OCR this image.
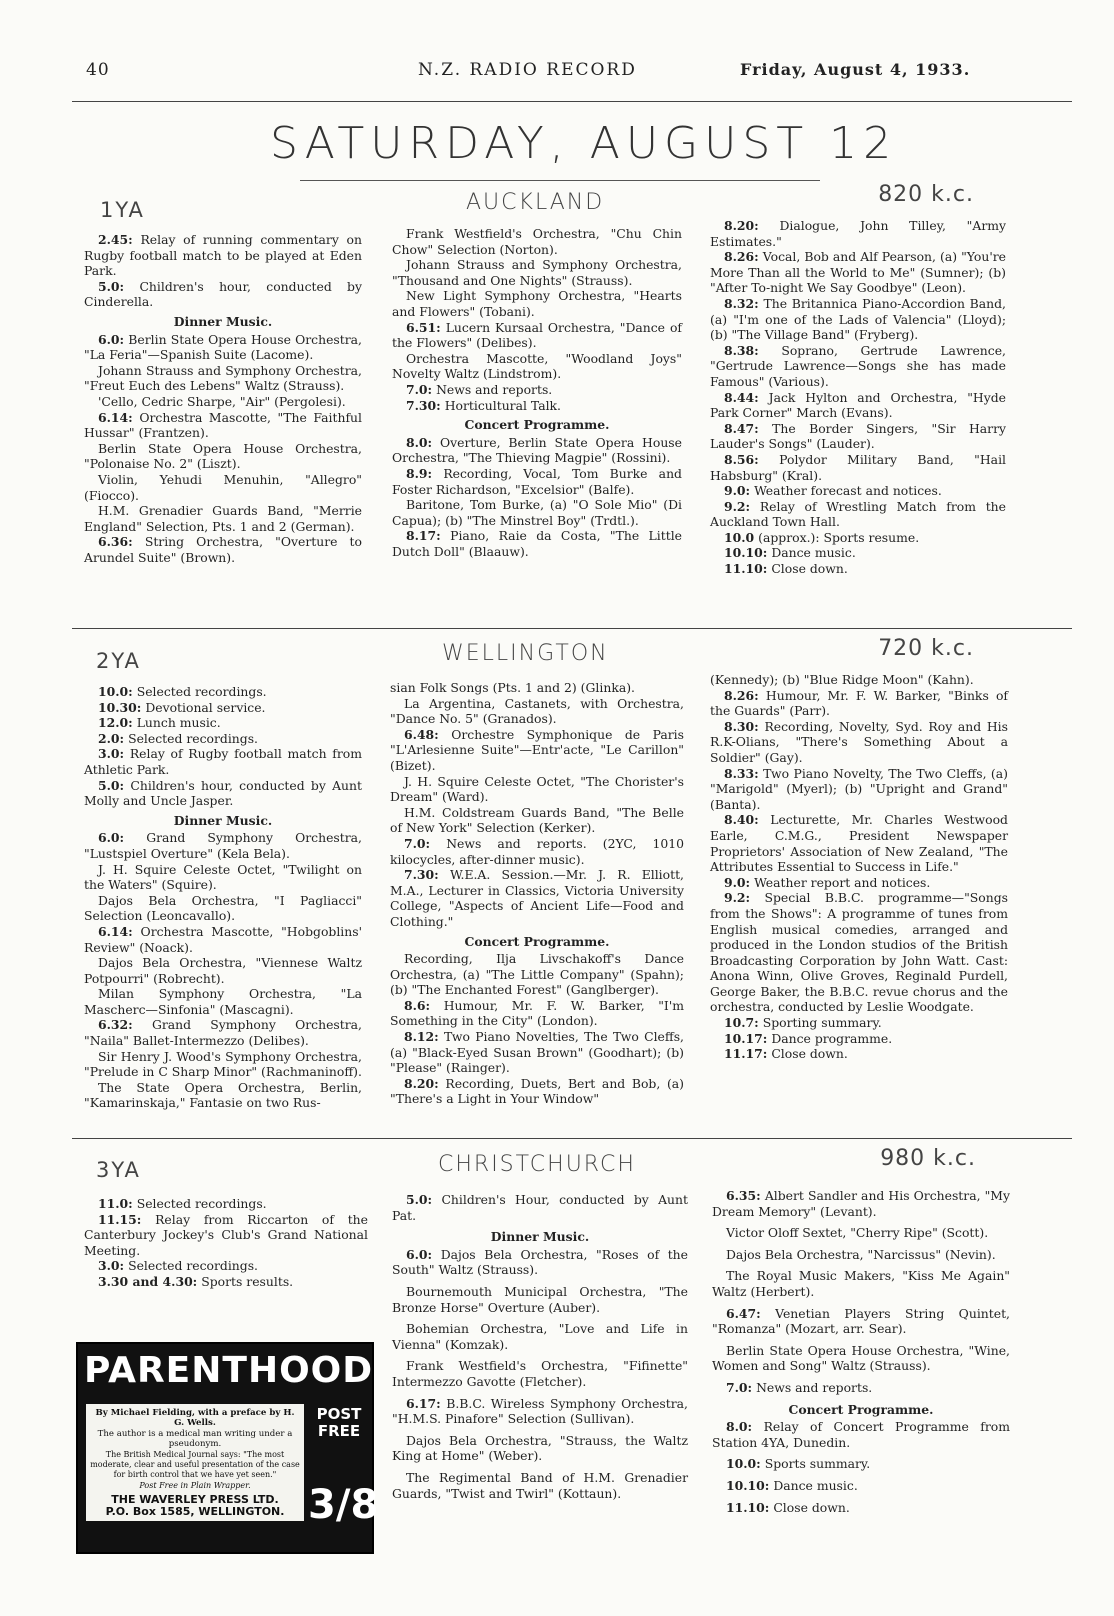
40	N.Z. RADIO RECORD	Friday, August 4, 1933.
SATURDAY, AUGUST 12
1YA	AUCKLAND	820 k.c.

2.45: Relay of running commentary on Rugby football match to be played at Eden Park.

5.0: Children's hour, conducted by Cinderella.

Dinner Music.

6.0: Berlin State Opera House Orchestra, "La Feria"—Spanish Suite (Lacome).

Johann Strauss and Symphony Orchestra, "Freut Euch des Lebens" Waltz (Strauss).

'Cello, Cedric Sharpe, "Air" (Pergolesi).

6.14: Orchestra Mascotte, "The Faithful Hussar" (Frantzen).

Berlin State Opera House Orchestra, "Polonaise No. 2" (Liszt).

Violin, Yehudi Menuhin, "Allegro" (Fiocco).

H.M. Grenadier Guards Band, "Merrie England" Selection, Pts. 1 and 2 (German).

6.36: String Orchestra, "Overture to Arundel Suite" (Brown).

Frank Westfield's Orchestra, "Chu Chin Chow" Selection (Norton).

Johann Strauss and Symphony Orchestra, "Thousand and One Nights" (Strauss).

New Light Symphony Orchestra, "Hearts and Flowers" (Tobani).

6.51: Lucern Kursaal Orchestra, "Dance of the Flowers" (Delibes).

Orchestra Mascotte, "Woodland Joys" Novelty Waltz (Lindstrom).

7.0: News and reports.

7.30: Horticultural Talk.

Concert Programme.

8.0: Overture, Berlin State Opera House Orchestra, "The Thieving Magpie" (Rossini).

8.9: Recording, Vocal, Tom Burke and Foster Richardson, "Excelsior" (Balfe).

Baritone, Tom Burke, (a) "O Sole Mio" (Di Capua); (b) "The Minstrel Boy" (Trdtl.).

8.17: Piano, Raie da Costa, "The Little Dutch Doll" (Blaauw).

8.20: Dialogue, John Tilley, "Army Estimates."

8.26: Vocal, Bob and Alf Pearson, (a) "You're More Than all the World to Me" (Sumner); (b) "After To-night We Say Goodbye" (Leon).

8.32: The Britannica Piano-Accordion Band, (a) "I'm one of the Lads of Valencia" (Lloyd); (b) "The Village Band" (Fryberg).

8.38: Soprano, Gertrude Lawrence, "Gertrude Lawrence—Songs she has made Famous" (Various).

8.44: Jack Hylton and Orchestra, "Hyde Park Corner" March (Evans).

8.47: The Border Singers, "Sir Harry Lauder's Songs" (Lauder).

8.56: Polydor Military Band, "Hail Habsburg" (Kral).

9.0: Weather forecast and notices.

9.2: Relay of Wrestling Match from the Auckland Town Hall.

10.0 (approx.): Sports resume.

10.10: Dance music.

11.10: Close down.

2YA	WELLINGTON	720 k.c.

10.0: Selected recordings.

10.30: Devotional service.

12.0: Lunch music.

2.0: Selected recordings.

3.0: Relay of Rugby football match from Athletic Park.

5.0: Children's hour, conducted by Aunt Molly and Uncle Jasper.

Dinner Music.

6.0: Grand Symphony Orchestra, "Lustspiel Overture" (Kela Bela).

J. H. Squire Celeste Octet, "Twilight on the Waters" (Squire).

Dajos Bela Orchestra, "I Pagliacci" Selection (Leoncavallo).

6.14: Orchestra Mascotte, "Hobgoblins' Review" (Noack).

Dajos Bela Orchestra, "Viennese Waltz Potpourri" (Robrecht).

Milan Symphony Orchestra, "La Mascherc—Sinfonia" (Mascagni).

6.32: Grand Symphony Orchestra, "Naila" Ballet-Intermezzo (Delibes).

Sir Henry J. Wood's Symphony Orchestra, "Prelude in C Sharp Minor" (Rachmaninoff).

The State Opera Orchestra, Berlin, "Kamarinskaja," Fantasie on two Rus-

sian Folk Songs (Pts. 1 and 2) (Glinka).

La Argentina, Castanets, with Orchestra, "Dance No. 5" (Granados).

6.48: Orchestre Symphonique de Paris "L'Arlesienne Suite"—Entr'acte, "Le Carillon" (Bizet).

J. H. Squire Celeste Octet, "The Chorister's Dream" (Ward).

H.M. Coldstream Guards Band, "The Belle of New York" Selection (Kerker).

7.0: News and reports. (2YC, 1010 kilocycles, after-dinner music).

7.30: W.E.A. Session.—Mr. J. R. Elliott, M.A., Lecturer in Classics, Victoria University College, "Aspects of Ancient Life—Food and Clothing."

Concert Programme.

Recording, Ilja Livschakoff's Dance Orchestra, (a) "The Little Company" (Spahn); (b) "The Enchanted Forest" (Ganglberger).

8.6: Humour, Mr. F. W. Barker, "I'm Something in the City" (London).

8.12: Two Piano Novelties, The Two Cleffs, (a) "Black-Eyed Susan Brown" (Goodhart); (b) "Please" (Rainger).

8.20: Recording, Duets, Bert and Bob, (a) "There's a Light in Your Window"

(Kennedy); (b) "Blue Ridge Moon" (Kahn).

8.26: Humour, Mr. F. W. Barker, "Binks of the Guards" (Parr).

8.30: Recording, Novelty, Syd. Roy and His R.K-Olians, "There's Something About a Soldier" (Gay).

8.33: Two Piano Novelty, The Two Cleffs, (a) "Marigold" (Myerl); (b) "Upright and Grand" (Banta).

8.40: Lecturette, Mr. Charles Westwood Earle, C.M.G., President Newspaper Proprietors' Association of New Zealand, "The Attributes Essential to Success in Life."

9.0: Weather report and notices.

9.2: Special B.B.C. programme—"Songs from the Shows": A programme of tunes from English musical comedies, arranged and produced in the London studios of the British Broadcasting Corporation by John Watt. Cast: Anona Winn, Olive Groves, Reginald Purdell, George Baker, the B.B.C. revue chorus and the orchestra, conducted by Leslie Woodgate.

10.7: Sporting summary.

10.17: Dance programme.

11.17: Close down.

3YA	CHRISTCHURCH	980 k.c.

11.0: Selected recordings.

11.15: Relay from Riccarton of the Canterbury Jockey's Club's Grand National Meeting.

3.0: Selected recordings.

3.30 and 4.30: Sports results.

5.0: Children's Hour, conducted by Aunt Pat.

Dinner Music.

6.0: Dajos Bela Orchestra, "Roses of the South" Waltz (Strauss).

Bournemouth Municipal Orchestra, "The Bronze Horse" Overture (Auber).

Bohemian Orchestra, "Love and Life in Vienna" (Komzak).

Frank Westfield's Orchestra, "Fifinette" Intermezzo Gavotte (Fletcher).

6.17: B.B.C. Wireless Symphony Orchestra, "H.M.S. Pinafore" Selection (Sullivan).

Dajos Bela Orchestra, "Strauss, the Waltz King at Home" (Weber).

The Regimental Band of H.M. Grenadier Guards, "Twist and Twirl" (Kottaun).

6.35: Albert Sandler and His Orchestra, "My Dream Memory" (Levant).

Victor Oloff Sextet, "Cherry Ripe" (Scott).

Dajos Bela Orchestra, "Narcissus" (Nevin).

The Royal Music Makers, "Kiss Me Again" Waltz (Herbert).

6.47: Venetian Players String Quintet, "Romanza" (Mozart, arr. Sear).

Berlin State Opera House Orchestra, "Wine, Women and Song" Waltz (Strauss).

7.0: News and reports.

Concert Programme.

8.0: Relay of Concert Programme from Station 4YA, Dunedin.

10.0: Sports summary.

10.10: Dance music.

11.10: Close down.

PARENTHOOD
By Michael Fielding, with a preface by H. G. Wells.
The author is a medical man writing under a pseudonym.
The British Medical Journal says: "The most moderate, clear and useful presentation of the case for birth control that we have yet seen."
Post Free in Plain Wrapper.
THE WAVERLEY PRESS LTD.
P.O. Box 1585, WELLINGTON.
POST
FREE
3/8
